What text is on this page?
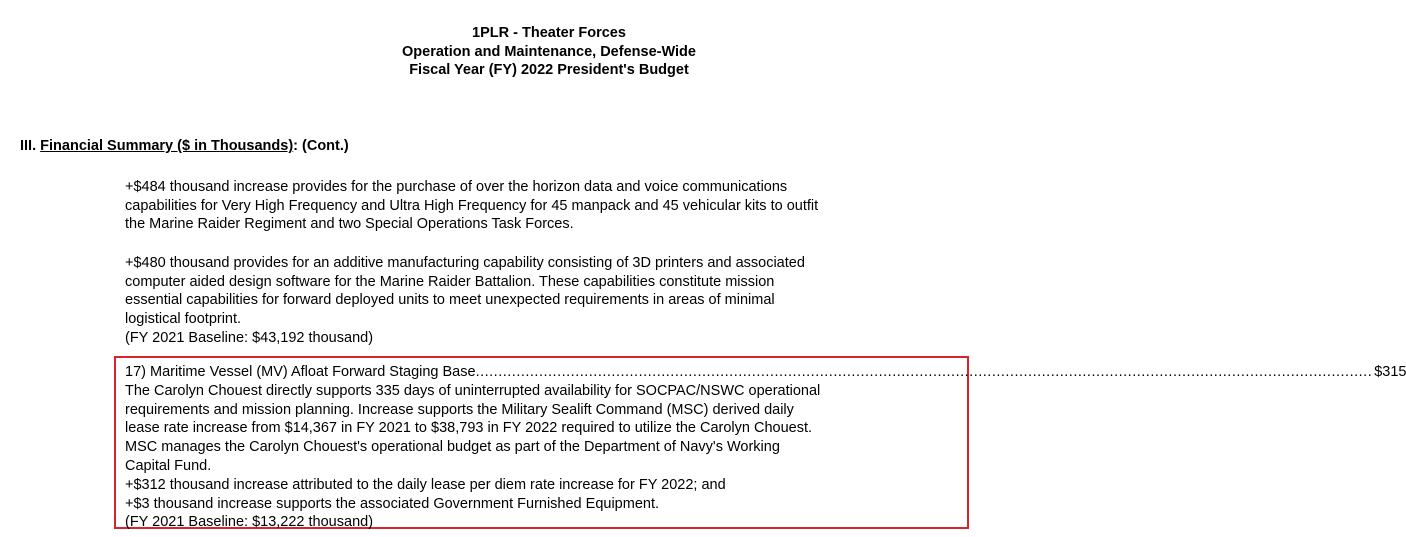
1PLR - Theater Forces
Operation and Maintenance, Defense-Wide
Fiscal Year (FY) 2022 President's Budget
III. Financial Summary ($ in Thousands): (Cont.)
+$484 thousand increase provides for the purchase of over the horizon data and voice communications
capabilities for Very High Frequency and Ultra High Frequency for 45 manpack and 45 vehicular kits to outfit
the Marine Raider Regiment and two Special Operations Task Forces.
+$480 thousand provides for an additive manufacturing capability consisting of 3D printers and associated
computer aided design software for the Marine Raider Battalion. These capabilities constitute mission
essential capabilities for forward deployed units to meet unexpected requirements in areas of minimal
logistical footprint.
(FY 2021 Baseline: $43,192 thousand)
17) Maritime Vessel (MV) Afloat Forward Staging Base ...................................................................................................................................................................................................... $315
The Carolyn Chouest directly supports 335 days of uninterrupted availability for SOCPAC/NSWC operational
requirements and mission planning. Increase supports the Military Sealift Command (MSC) derived daily
lease rate increase from $14,367 in FY 2021 to $38,793 in FY 2022 required to utilize the Carolyn Chouest.
MSC manages the Carolyn Chouest's operational budget as part of the Department of Navy's Working
Capital Fund.
+$312 thousand increase attributed to the daily lease per diem rate increase for FY 2022; and
+$3 thousand increase supports the associated Government Furnished Equipment.
(FY 2021 Baseline: $13,222 thousand)
